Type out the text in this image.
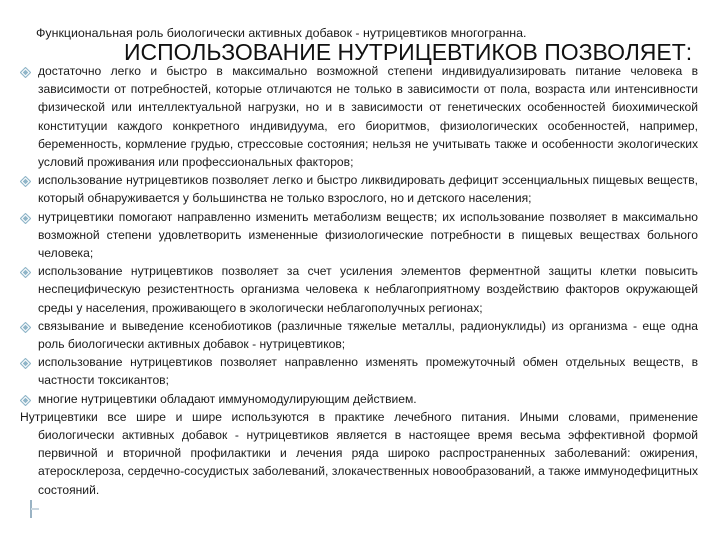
Функциональная роль биологически активных добавок - нутрицевтиков многогранна.
ИСПОЛЬЗОВАНИЕ НУТРИЦЕВТИКОВ ПОЗВОЛЯЕТ:
достаточно легко и быстро в максимально возможной степени индивидуализировать питание человека в зависимости от потребностей, которые отличаются не только в зависимости от пола, возраста или интенсивности физической или интеллектуальной нагрузки, но и в зависимости от генетических особенностей биохимической конституции каждого конкретного индивидуума, его биоритмов, физиологических особенностей, например, беременность, кормление грудью, стрессовые состояния; нельзя не учитывать также и особенности экологических условий проживания или профессиональных факторов;
использование нутрицевтиков позволяет легко и быстро ликвидировать дефицит эссенциальных пищевых веществ, который обнаруживается у большинства не только взрослого, но и детского населения;
нутрицевтики помогают направленно изменить метаболизм веществ; их использование позволяет в максимально возможной степени удовлетворить измененные физиологические потребности в пищевых веществах больного человека;
использование нутрицевтиков позволяет за счет усиления элементов ферментной защиты клетки повысить неспецифическую резистентность организма человека к неблагоприятному воздействию факторов окружающей среды у населения, проживающего в экологически неблагополучных регионах;
связывание и выведение ксенобиотиков (различные тяжелые металлы, радионуклиды) из организма - еще одна роль биологически активных добавок - нутрицевтиков;
использование нутрицевтиков позволяет направленно изменять промежуточный обмен отдельных веществ, в частности токсикантов;
многие нутрицевтики обладают иммуномодулирующим действием.

Нутрицевтики все шире и шире используются в практике лечебного питания. Иными словами, применение биологически активных добавок - нутрицевтиков является в настоящее время весьма эффективной формой первичной и вторичной профилактики и лечения ряда широко распространенных заболеваний: ожирения, атеросклероза, сердечно-сосудистых заболеваний, злокачественных новообразований, а также иммунодефицитных состояний.
